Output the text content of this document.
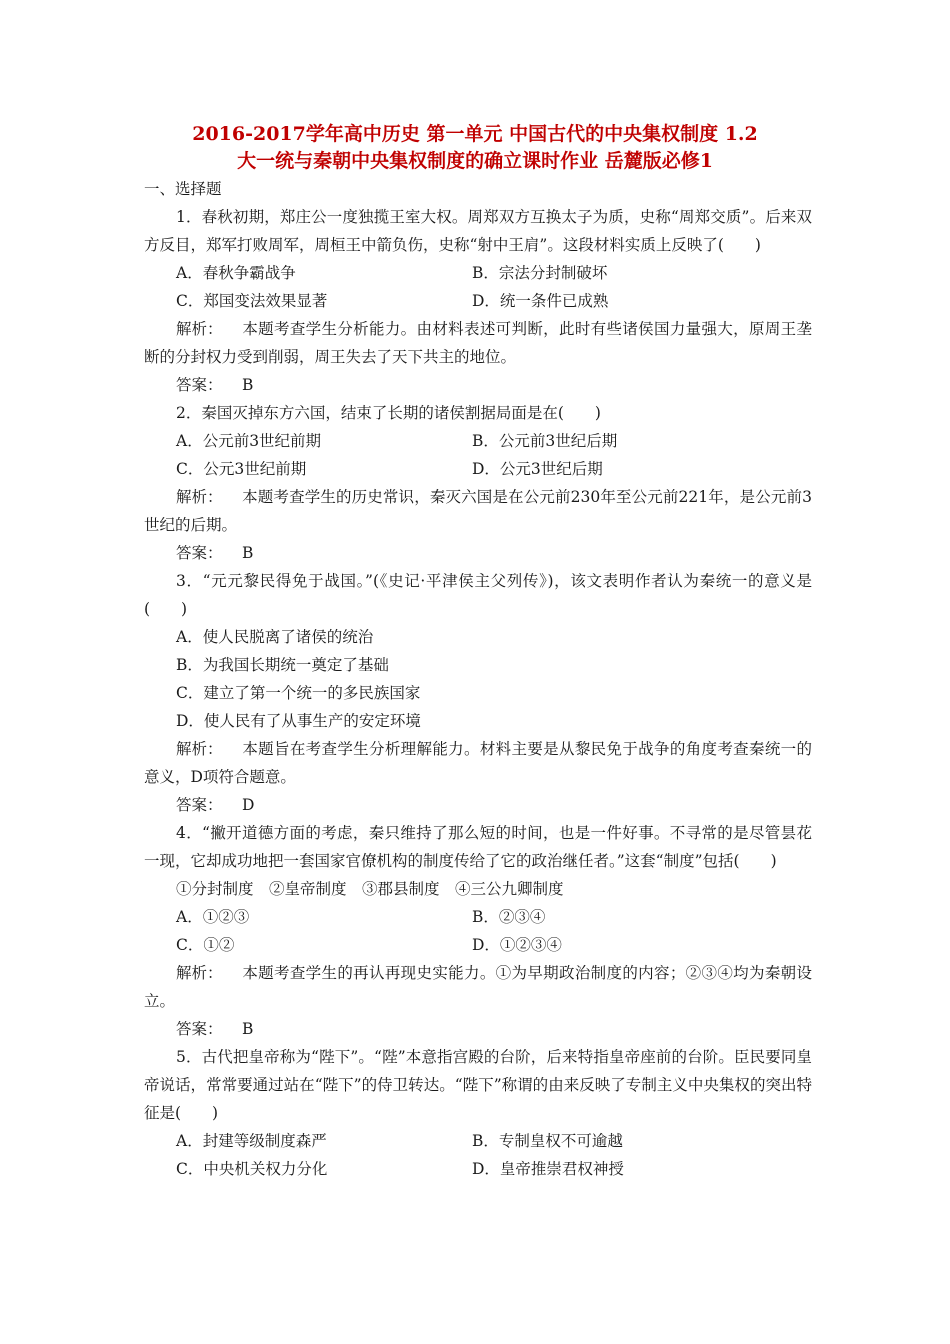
2016-2017学年高中历史 第一单元 中国古代的中央集权制度 1.2
大一统与秦朝中央集权制度的确立课时作业 岳麓版必修1

一、选择题

1．春秋初期，郑庄公一度独揽王室大权。周郑双方互换太子为质，史称“周郑交质”。后来双方反目，郑军打败周军，周桓王中箭负伤，史称“射中王肩”。这段材料实质上反映了(　　)

A．春秋争霸战争	B．宗法分封制破坏
C．郑国变法效果显著	D．统一条件已成熟

解析： 本题考查学生分析能力。由材料表述可判断，此时有些诸侯国力量强大，原周王垄断的分封权力受到削弱，周王失去了天下共主的地位。

答案： B

2．秦国灭掉东方六国，结束了长期的诸侯割据局面是在(　　)

A．公元前3世纪前期	B．公元前3世纪后期
C．公元3世纪前期	D．公元3世纪后期

解析： 本题考查学生的历史常识，秦灭六国是在公元前230年至公元前221年，是公元前3世纪的后期。

答案： B

3．“元元黎民得免于战国。”(《史记·平津侯主父列传》)，该文表明作者认为秦统一的意义是(　　)

A．使人民脱离了诸侯的统治

B．为我国长期统一奠定了基础

C．建立了第一个统一的多民族国家

D．使人民有了从事生产的安定环境

解析： 本题旨在考查学生分析理解能力。材料主要是从黎民免于战争的角度考查秦统一的意义，D项符合题意。

答案： D

4．“撇开道德方面的考虑，秦只维持了那么短的时间，也是一件好事。不寻常的是尽管昙花一现，它却成功地把一套国家官僚机构的制度传给了它的政治继任者。”这套“制度”包括(　　)

①分封制度　②皇帝制度　③郡县制度　④三公九卿制度

A．①②③	B．②③④
C．①②	D．①②③④

解析： 本题考查学生的再认再现史实能力。①为早期政治制度的内容；②③④均为秦朝设立。

答案： B

5．古代把皇帝称为“陛下”。“陛”本意指宫殿的台阶，后来特指皇帝座前的台阶。臣民要同皇帝说话，常常要通过站在“陛下”的侍卫转达。“陛下”称谓的由来反映了专制主义中央集权的突出特征是(　　)

A．封建等级制度森严	B．专制皇权不可逾越
C．中央机关权力分化	D．皇帝推崇君权神授
